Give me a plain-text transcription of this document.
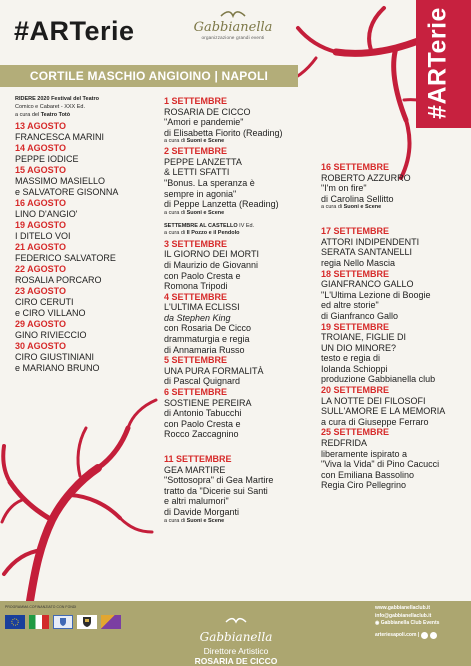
#ARTerie	Gabbianella
organizzazione grandi eventi	#ARTerie
CORTILE MASCHIO ANGIOINO | NAPOLI
RIDERE 2020 Festival del Teatro
Comico e Cabaret - XXX Ed.
a cura del Teatro Totò
13 AGOSTO
FRANCESCA MARINI
14 AGOSTO
PEPPE IODICE
15 AGOSTO
MASSIMO MASIELLO
e SALVATORE GISONNA
16 AGOSTO
LINO D'ANGIO'
19 AGOSTO
I DITELO VOI
21 AGOSTO
FEDERICO SALVATORE
22 AGOSTO
ROSALIA PORCARO
23 AGOSTO
CIRO CERUTI
e CIRO VILLANO
29 AGOSTO
GINO RIVIECCIO
30 AGOSTO
CIRO GIUSTINIANI
e MARIANO BRUNO
1 SETTEMBRE
ROSARIA DE CICCO
"Amori e pandemie"
di Elisabetta Fiorito (Reading)
a cura di Suoni e Scene
2 SETTEMBRE
PEPPE LANZETTA
& LETTI SFATTI
"Bonus. La speranza è
sempre in agonia"
di Peppe Lanzetta (Reading)
a cura di Suoni e Scene
SETTEMBRE AL CASTELLO IV Ed.
a cura di Il Pozzo e il Pendolo
3 SETTEMBRE
IL GIORNO DEI MORTI
di Maurizio de Giovanni
con Paolo Cresta e
Romona Tripodi
4 SETTEMBRE
L'ULTIMA ECLISSI
da Stephen King
con Rosaria De Cicco
drammaturgia e regia
di Annamaria Russo
5 SETTEMBRE
UNA PURA FORMALITÀ
di Pascal Quignard
6 SETTEMBRE
SOSTIENE PEREIRA
di Antonio Tabucchi
con Paolo Cresta e
Rocco Zaccagnino
11 SETTEMBRE
GEA MARTIRE
"Sottosopra" di Gea Martire
tratto da "Dicerie sui Santi
e altri malumori"
di Davide Morganti
a cura di Suoni e Scene
16 SETTEMBRE
ROBERTO AZZURRO
"I'm on fire"
di Carolina Sellitto
a cura di Suoni e Scene
17 SETTEMBRE
ATTORI INDIPENDENTI
SERATA SANTANELLI
regia Nello Mascia
18 SETTEMBRE
GIANFRANCO GALLO
"L'Ultima Lezione di Boogie
ed altre storie"
di Gianfranco Gallo
19 SETTEMBRE
TROIANE, FIGLIE DI
UN DIO MINORE?
testo e regia di
Iolanda Schioppi
produzione Gabbianella club
20 SETTEMBRE
LA NOTTE DEI FILOSOFI
SULL'AMORE E LA MEMORIA
a cura di Giuseppe Ferraro
25 SETTEMBRE
REDFRIDA
liberamente ispirato a
"Viva la Vida" di Pino Cacucci
con Emiliana Bassolino
Regia Ciro Pellegrino
PROGRAMMA COFINANZIATO CON FONDI
Gabbianella
Direttore Artistico
ROSARIA DE CICCO
www.gabbianellaclub.it
info@gabbianellaclub.it
◉ Gabbianella Club Events
arteriesapoli.com |
